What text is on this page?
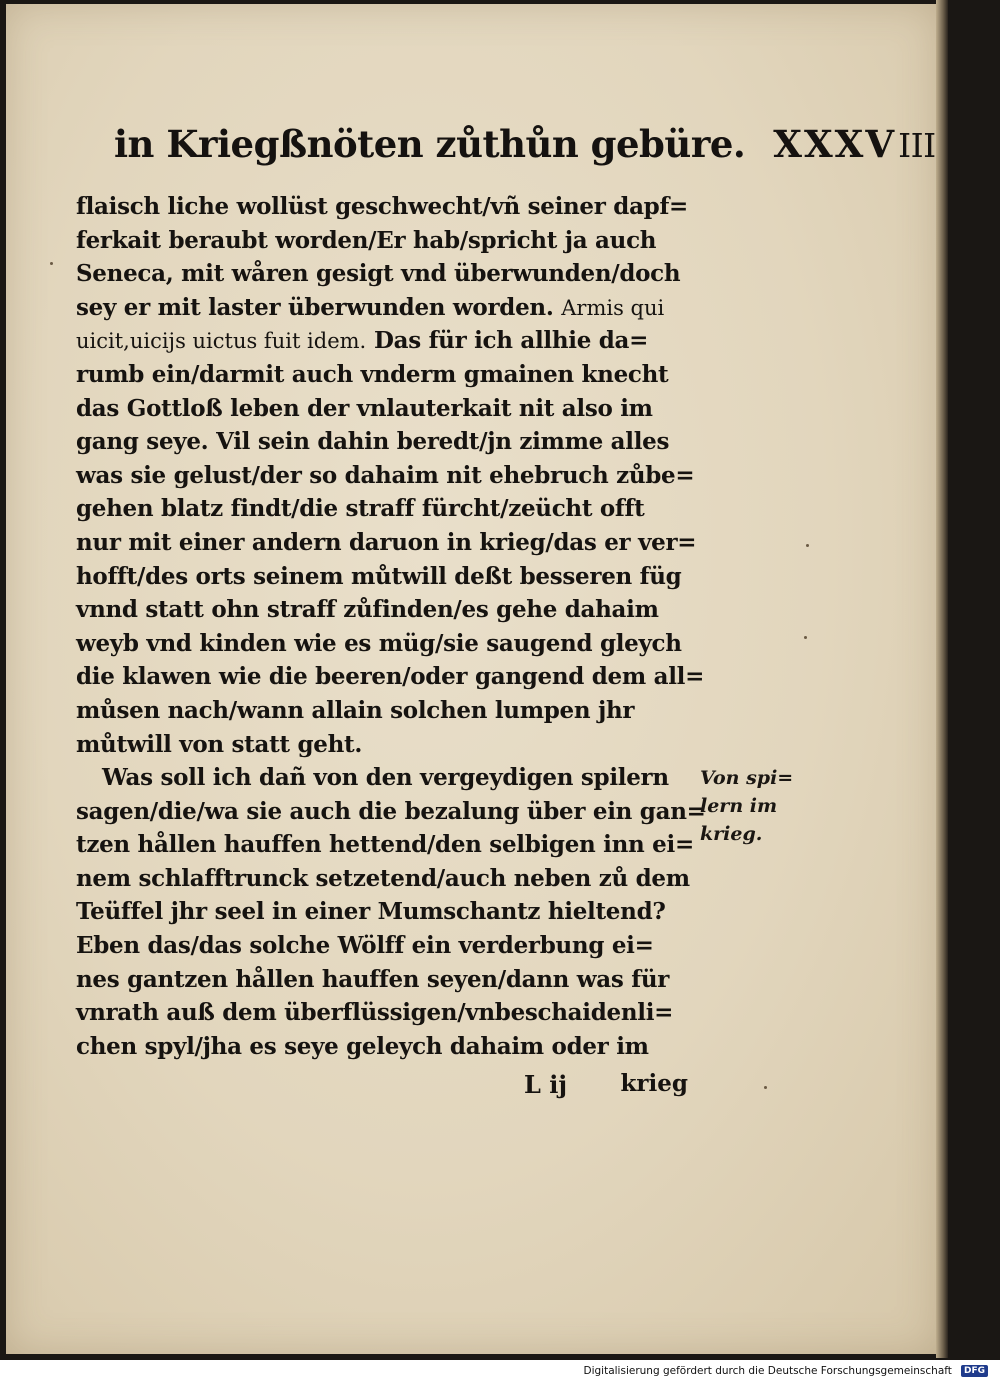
in Kriegßnöten zůthůn gebüre. XXXVIII
flaisch liche wollüst geschwecht/vñ seiner dapf=
ferkait beraubt worden/Er hab/spricht ja auch
Seneca, mit wåren gesigt vnd überwunden/doch
sey er mit laster überwunden worden. Armis qui
uicit,uicijs uictus fuit idem. Das für ich allhie da=
rumb ein/darmit auch vnderm gmainen knecht
das Gottloß leben der vnlauterkait nit also im
gang seye. Vil sein dahin beredt/jn zimme alles
was sie gelust/der so dahaim nit ehebruch zůbe=
gehen blatz findt/die straff fürcht/zeücht offt
nur mit einer andern daruon in krieg/das er ver=
hofft/des orts seinem můtwill deßt besseren füg
vnnd statt ohn straff zůfinden/es gehe dahaim
weyb vnd kinden wie es müg/sie saugend gleych
die klawen wie die beeren/oder gangend dem all=
můsen nach/wann allain solchen lumpen jhr
můtwill von statt geht.
Was soll ich dañ von den vergeydigen spilern
sagen/die/wa sie auch die bezalung über ein gan=
tzen hållen hauffen hettend/den selbigen inn ei=
nem schlafftrunck setzetend/auch neben zů dem
Teüffel jhr seel in einer Mumschantz hieltend?
Eben das/das solche Wölff ein verderbung ei=
nes gantzen hållen hauffen seyen/dann was für
vnrath auß dem überflüssigen/vnbeschaidenli=
chen spyl/jha es seye geleych dahaim oder im
Von spi=
lern im
krieg.
L ij krieg
Digitalisierung gefördert durch die Deutsche Forschungsgemeinschaft DFG
